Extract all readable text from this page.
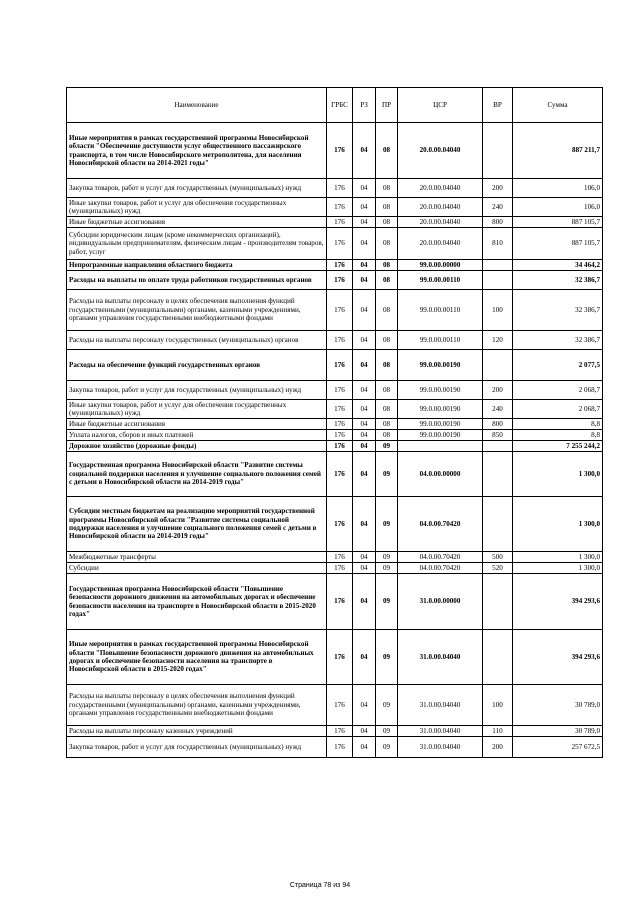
Наименование	ГРБС	РЗ	ПР	ЦСР	ВР	Сумма
Иные мероприятия в рамках государственной программы Новосибирской области "Обеспечение доступности услуг общественного пассажирского транспорта, в том числе Новосибирского метрополитена, для населения Новосибирской области на 2014-2021 годы"	176	04	08	20.0.00.04040		887 211,7
Закупка товаров, работ и услуг для государственных (муниципальных) нужд	176	04	08	20.0.00.04040	200	106,0
Иные закупки товаров, работ и услуг для обеспечения государственных (муниципальных) нужд	176	04	08	20.0.00.04040	240	106,0
Иные бюджетные ассигнования	176	04	08	20.0.00.04040	800	887 105,7
Субсидии юридическим лицам (кроме некоммерческих организаций), индивидуальным предпринимателям, физическим лицам - производителям товаров, работ, услуг	176	04	08	20.0.00.04040	810	887 105,7
Непрограммные направления областного бюджета	176	04	08	99.0.00.00000		34 464,2
Расходы на выплаты по оплате труда работников государственных органов	176	04	08	99.0.00.00110		32 386,7
Расходы на выплаты персоналу в целях обеспечения выполнения функций государственными (муниципальными) органами, казенными учреждениями, органами управления государственными внебюджетными фондами	176	04	08	99.0.00.00110	100	32 386,7
Расходы на выплаты персоналу государственных (муниципальных) органов	176	04	08	99.0.00.00110	120	32 386,7
Расходы на обеспечение функций государственных органов	176	04	08	99.0.00.00190		2 077,5
Закупка товаров, работ и услуг для государственных (муниципальных) нужд	176	04	08	99.0.00.00190	200	2 068,7
Иные закупки товаров, работ и услуг для обеспечения государственных (муниципальных) нужд	176	04	08	99.0.00.00190	240	2 068,7
Иные бюджетные ассигнования	176	04	08	99.0.00.00190	800	8,8
Уплата налогов, сборов и иных платежей	176	04	08	99.0.00.00190	850	8,8
Дорожное хозяйство (дорожные фонды)	176	04	09			7 255 244,2
Государственная программа Новосибирской области "Развитие системы социальной поддержки населения и улучшение социального положения семей с детьми в Новосибирской области на 2014-2019 годы"	176	04	09	04.0.00.00000		1 300,0
Субсидии местным бюджетам на реализацию мероприятий государственной программы Новосибирской области "Развитие системы социальной поддержки населения и улучшение социального положения семей с детьми в Новосибирской области на 2014-2019 годы"	176	04	09	04.0.00.70420		1 300,0
Межбюджетные трансферты	176	04	09	04.0.00.70420	500	1 300,0
Субсидии	176	04	09	04.0.00.70420	520	1 300,0
Государственная программа Новосибирской области "Повышение безопасности дорожного движения на автомобильных дорогах и обеспечение безопасности населения на транспорте в Новосибирской области в 2015-2020 годах"	176	04	09	31.0.00.00000		394 293,6
Иные мероприятия в рамках государственной программы Новосибирской области "Повышение безопасности дорожного движения на автомобильных дорогах и обеспечение безопасности населения на транспорте в Новосибирской области в 2015-2020 годах"	176	04	09	31.0.00.04040		394 293,6
Расходы на выплаты персоналу в целях обеспечения выполнения функций государственными (муниципальными) органами, казенными учреждениями, органами управления государственными внебюджетными фондами	176	04	09	31.0.00.04040	100	30 789,0
Расходы на выплаты персоналу казенных учреждений	176	04	09	31.0.00.04040	110	30 789,0
Закупка товаров, работ и услуг для государственных (муниципальных) нужд	176	04	09	31.0.00.04040	200	257 672,5
Страница 78 из 94
